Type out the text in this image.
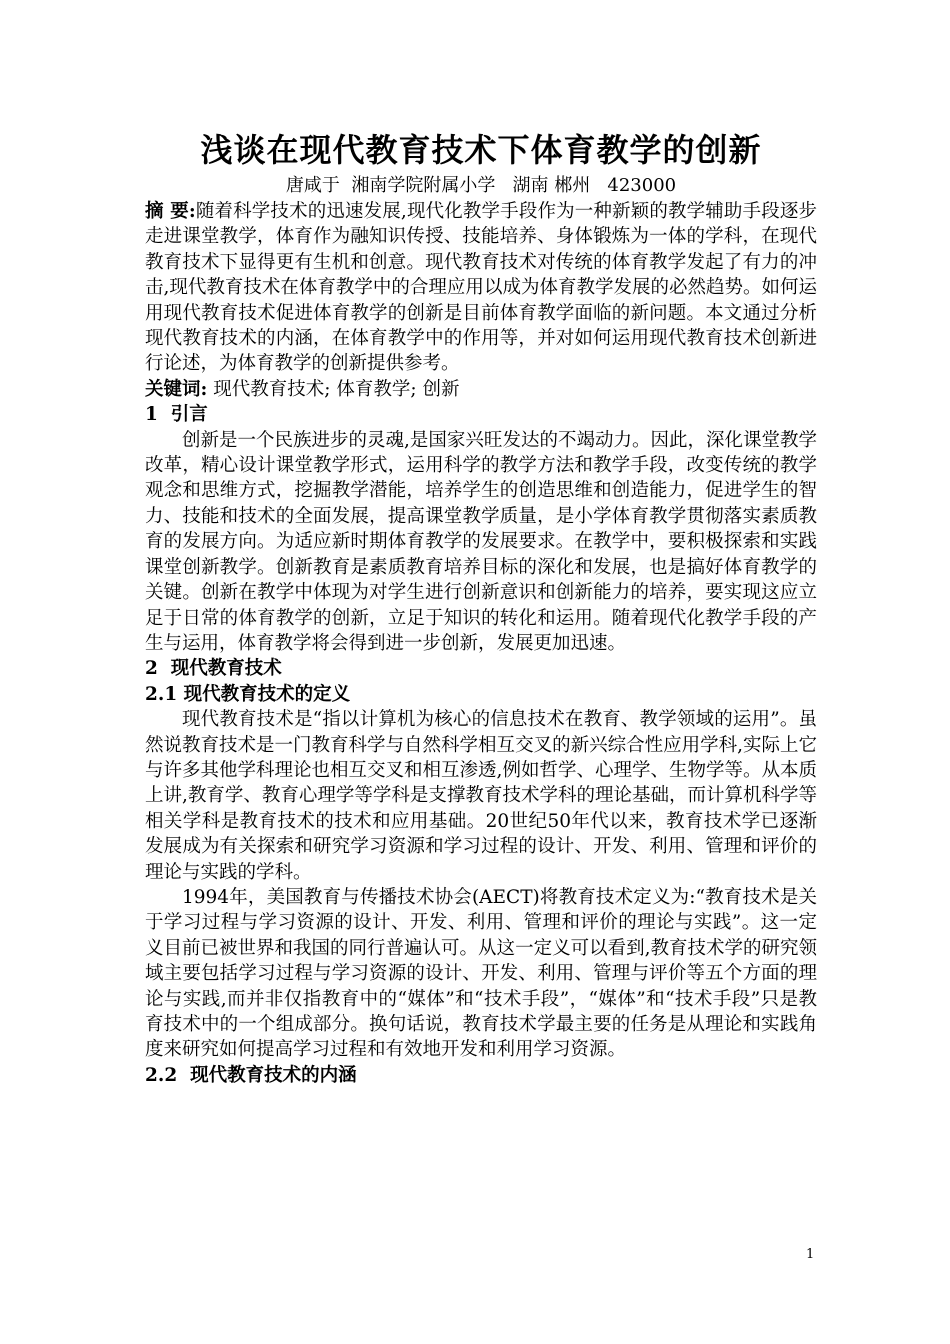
浅谈在现代教育技术下体育教学的创新

唐咸于  湘南学院附属小学   湖南 郴州   423000

摘 要:随着科学技术的迅速发展,现代化教学手段作为一种新颖的教学辅助手段逐步走进课堂教学，体育作为融知识传授、技能培养、身体锻炼为一体的学科，在现代教育技术下显得更有生机和创意。现代教育技术对传统的体育教学发起了有力的冲击,现代教育技术在体育教学中的合理应用以成为体育教学发展的必然趋势。如何运用现代教育技术促进体育教学的创新是目前体育教学面临的新问题。本文通过分析现代教育技术的内涵，在体育教学中的作用等，并对如何运用现代教育技术创新进行论述，为体育教学的创新提供参考。

关键词: 现代教育技术; 体育教学; 创新

1  引言

创新是一个民族进步的灵魂,是国家兴旺发达的不竭动力。因此，深化课堂教学改革，精心设计课堂教学形式，运用科学的教学方法和教学手段，改变传统的教学观念和思维方式，挖掘教学潜能，培养学生的创造思维和创造能力，促进学生的智力、技能和技术的全面发展，提高课堂教学质量，是小学体育教学贯彻落实素质教育的发展方向。为适应新时期体育教学的发展要求。在教学中，要积极探索和实践课堂创新教学。创新教育是素质教育培养目标的深化和发展，也是搞好体育教学的关键。创新在教学中体现为对学生进行创新意识和创新能力的培养，要实现这应立足于日常的体育教学的创新，立足于知识的转化和运用。随着现代化教学手段的产生与运用，体育教学将会得到进一步创新，发展更加迅速。

2  现代教育技术

2.1 现代教育技术的定义

现代教育技术是“指以计算机为核心的信息技术在教育、教学领域的运用”。虽然说教育技术是一门教育科学与自然科学相互交叉的新兴综合性应用学科,实际上它与许多其他学科理论也相互交叉和相互渗透,例如哲学、心理学、生物学等。从本质上讲,教育学、教育心理学等学科是支撑教育技术学科的理论基础，而计算机科学等相关学科是教育技术的技术和应用基础。20世纪50年代以来，教育技术学已逐渐发展成为有关探索和研究学习资源和学习过程的设计、开发、利用、管理和评价的理论与实践的学科。

1994年，美国教育与传播技术协会(AECT)将教育技术定义为:“教育技术是关于学习过程与学习资源的设计、开发、利用、管理和评价的理论与实践”。这一定义目前已被世界和我国的同行普遍认可。从这一定义可以看到,教育技术学的研究领域主要包括学习过程与学习资源的设计、开发、利用、管理与评价等五个方面的理论与实践,而并非仅指教育中的“媒体”和“技术手段”，“媒体”和“技术手段”只是教育技术中的一个组成部分。换句话说，教育技术学最主要的任务是从理论和实践角度来研究如何提高学习过程和有效地开发和利用学习资源。

2.2  现代教育技术的内涵

1
